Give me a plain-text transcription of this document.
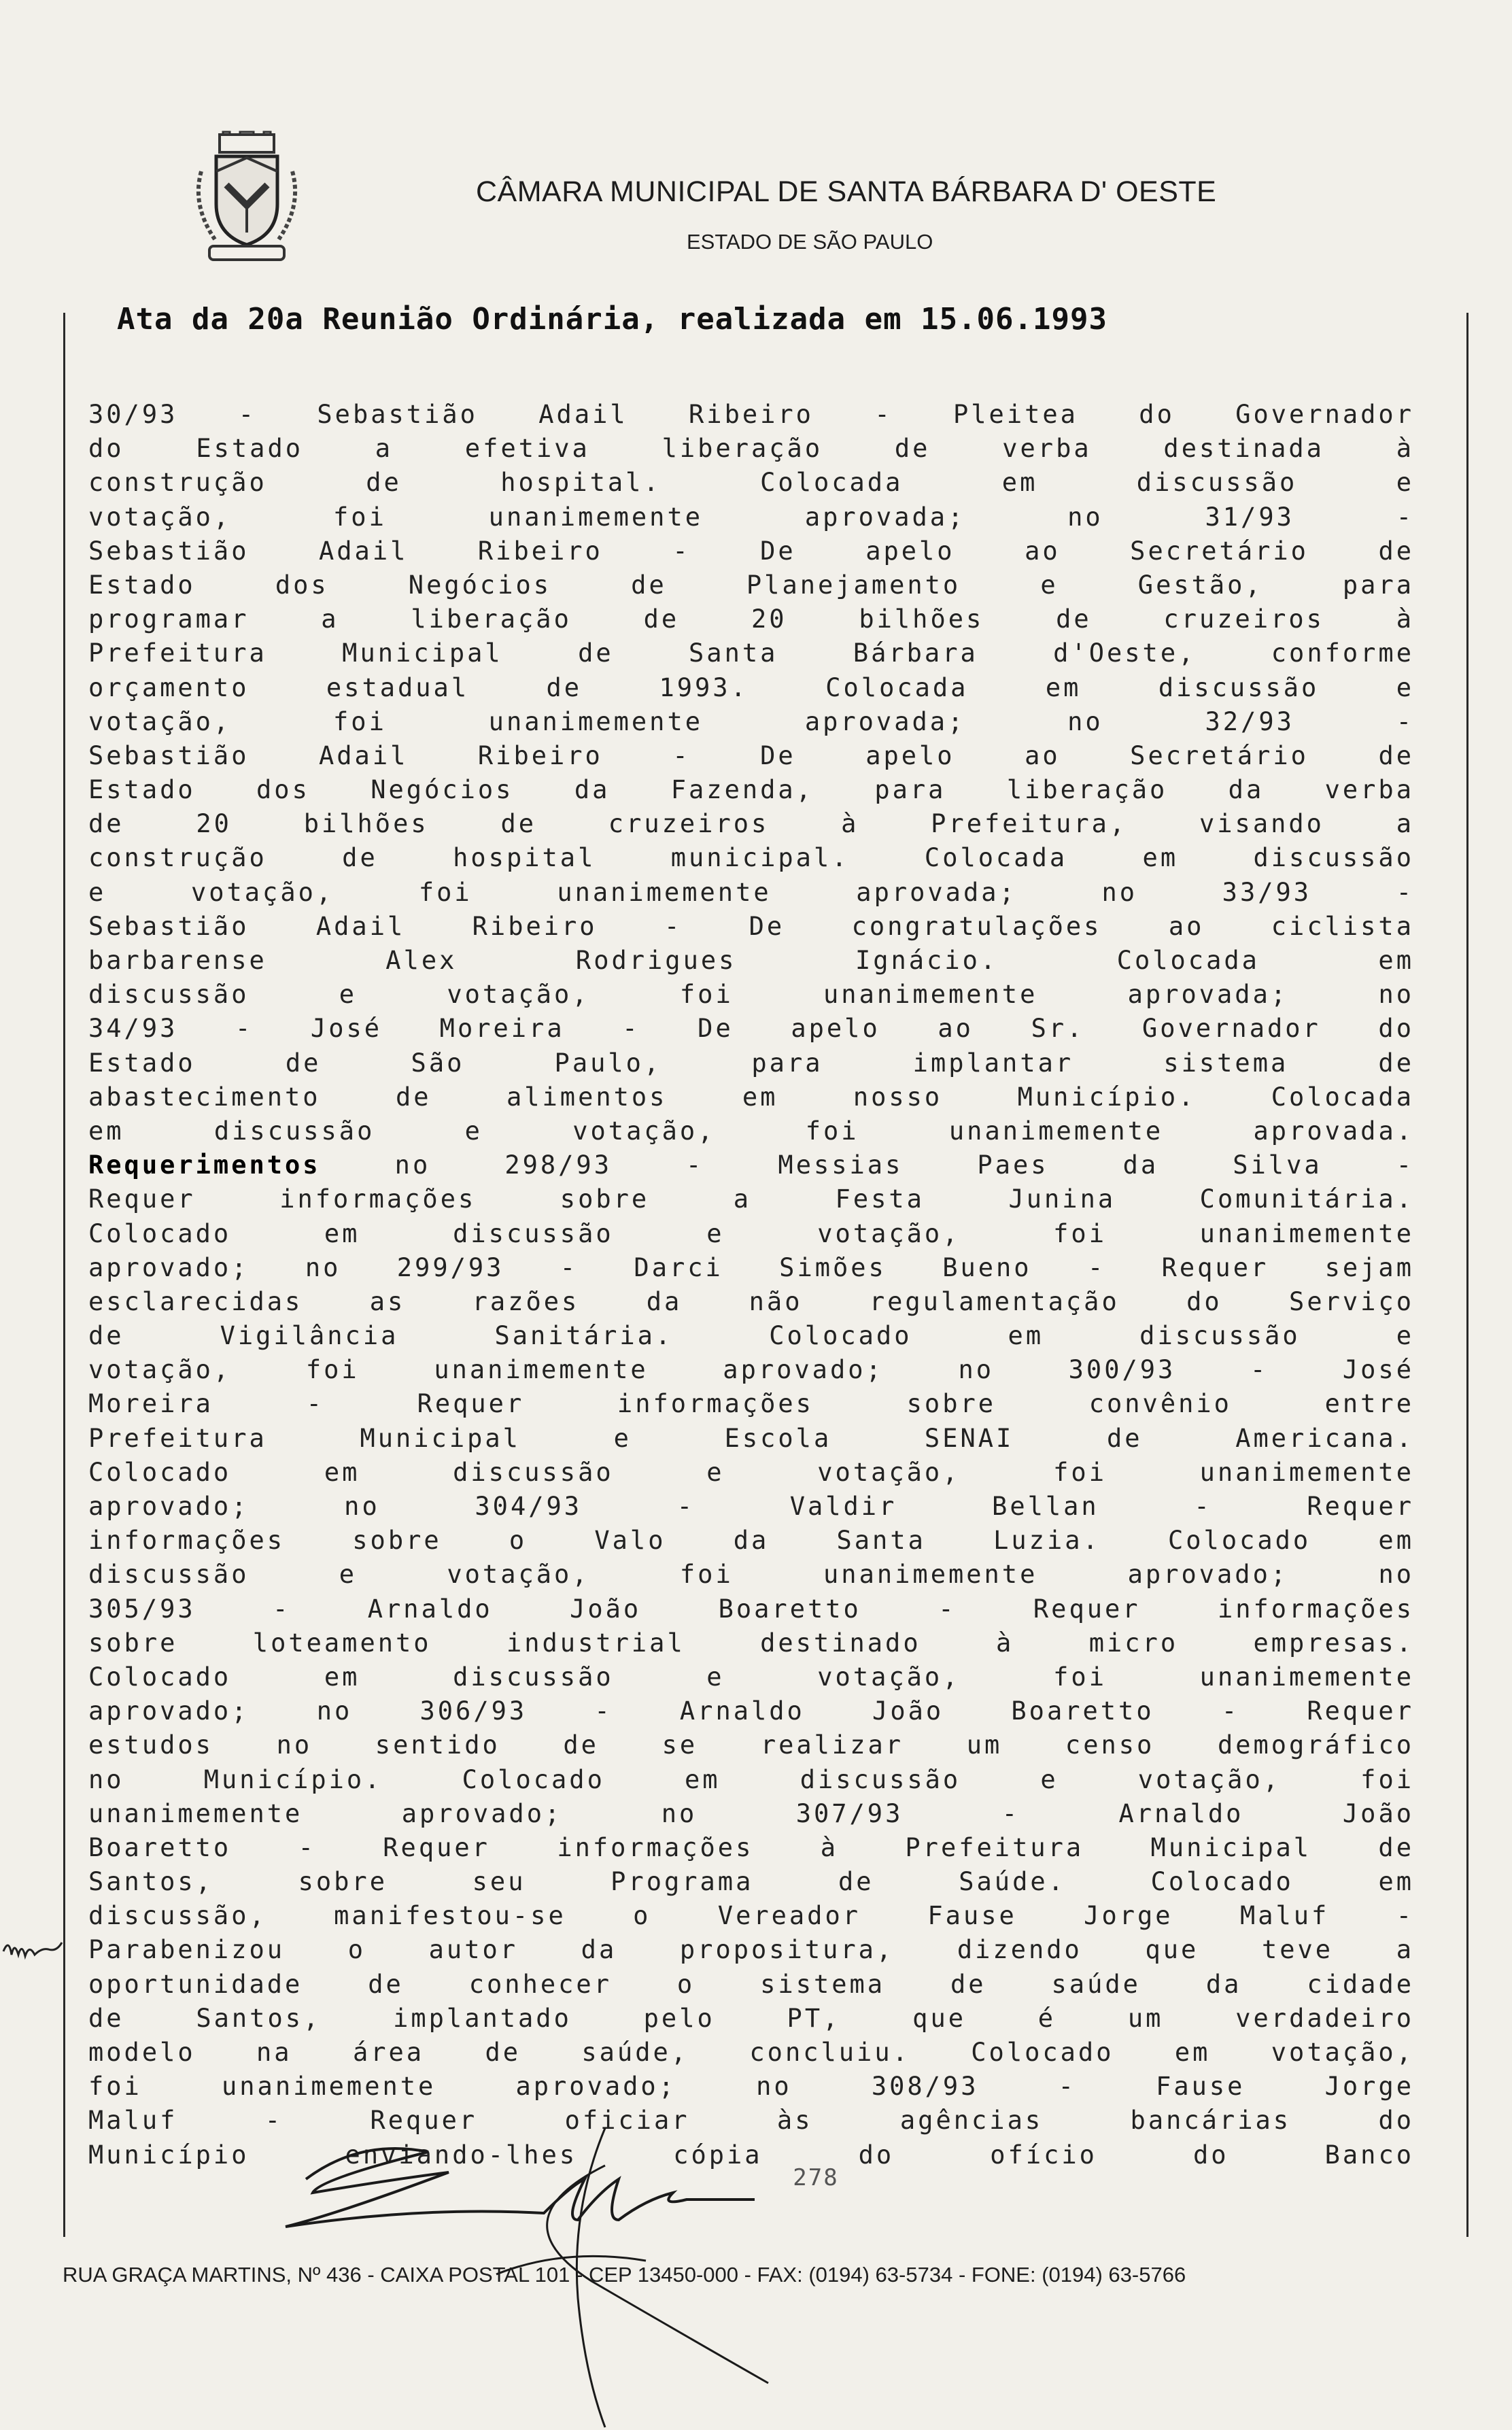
CÂMARA MUNICIPAL DE SANTA BÁRBARA D' OESTE
ESTADO DE SÃO PAULO
Ata da 20a Reunião Ordinária, realizada em 15.06.1993
30/93 - Sebastião Adail Ribeiro - Pleitea do Governador
do Estado a efetiva liberação de verba destinada à
construção de hospital. Colocada em discussão e
votação, foi unanimemente aprovada; no 31/93 -
Sebastião Adail Ribeiro - De apelo ao Secretário de
Estado dos Negócios de Planejamento e Gestão, para
programar a liberação de 20 bilhões de cruzeiros à
Prefeitura Municipal de Santa Bárbara d'Oeste, conforme
orçamento estadual de 1993. Colocada em discussão e
votação, foi unanimemente aprovada; no 32/93 -
Sebastião Adail Ribeiro - De apelo ao Secretário de
Estado dos Negócios da Fazenda, para liberação da verba
de 20 bilhões de cruzeiros à Prefeitura, visando a
construção de hospital municipal. Colocada em discussão
e votação, foi unanimemente aprovada; no 33/93 -
Sebastião Adail Ribeiro - De congratulações ao ciclista
barbarense Alex Rodrigues Ignácio. Colocada em
discussão e votação, foi unanimemente aprovada; no
34/93 - José Moreira - De apelo ao Sr. Governador do
Estado de São Paulo, para implantar sistema de
abastecimento de alimentos em nosso Município. Colocada
em discussão e votação, foi unanimemente aprovada.
Requerimentos no 298/93 - Messias Paes da Silva -
Requer informações sobre a Festa Junina Comunitária.
Colocado em discussão e votação, foi unanimemente
aprovado; no 299/93 - Darci Simões Bueno - Requer sejam
esclarecidas as razões da não regulamentação do Serviço
de Vigilância Sanitária. Colocado em discussão e
votação, foi unanimemente aprovado; no 300/93 - José
Moreira - Requer informações sobre convênio entre
Prefeitura Municipal e Escola SENAI de Americana.
Colocado em discussão e votação, foi unanimemente
aprovado; no 304/93 - Valdir Bellan - Requer
informações sobre o Valo da Santa Luzia. Colocado em
discussão e votação, foi unanimemente aprovado; no
305/93 - Arnaldo João Boaretto - Requer informações
sobre loteamento industrial destinado à micro empresas.
Colocado em discussão e votação, foi unanimemente
aprovado; no 306/93 - Arnaldo João Boaretto - Requer
estudos no sentido de se realizar um censo demográfico
no Município. Colocado em discussão e votação, foi
unanimemente aprovado; no 307/93 - Arnaldo João
Boaretto - Requer informações à Prefeitura Municipal de
Santos, sobre seu Programa de Saúde. Colocado em
discussão, manifestou-se o Vereador Fause Jorge Maluf -
Parabenizou o autor da propositura, dizendo que teve a
oportunidade de conhecer o sistema de saúde da cidade
de Santos, implantado pelo PT, que é um verdadeiro
modelo na área de saúde, concluiu. Colocado em votação,
foi unanimemente aprovado; no 308/93 - Fause Jorge
Maluf - Requer oficiar às agências bancárias do
Município enviando-lhes cópia do ofício do Banco
278
RUA GRAÇA MARTINS, Nº 436 - CAIXA POSTAL 101 - CEP 13450-000 - FAX: (0194) 63-5734 - FONE: (0194) 63-5766
